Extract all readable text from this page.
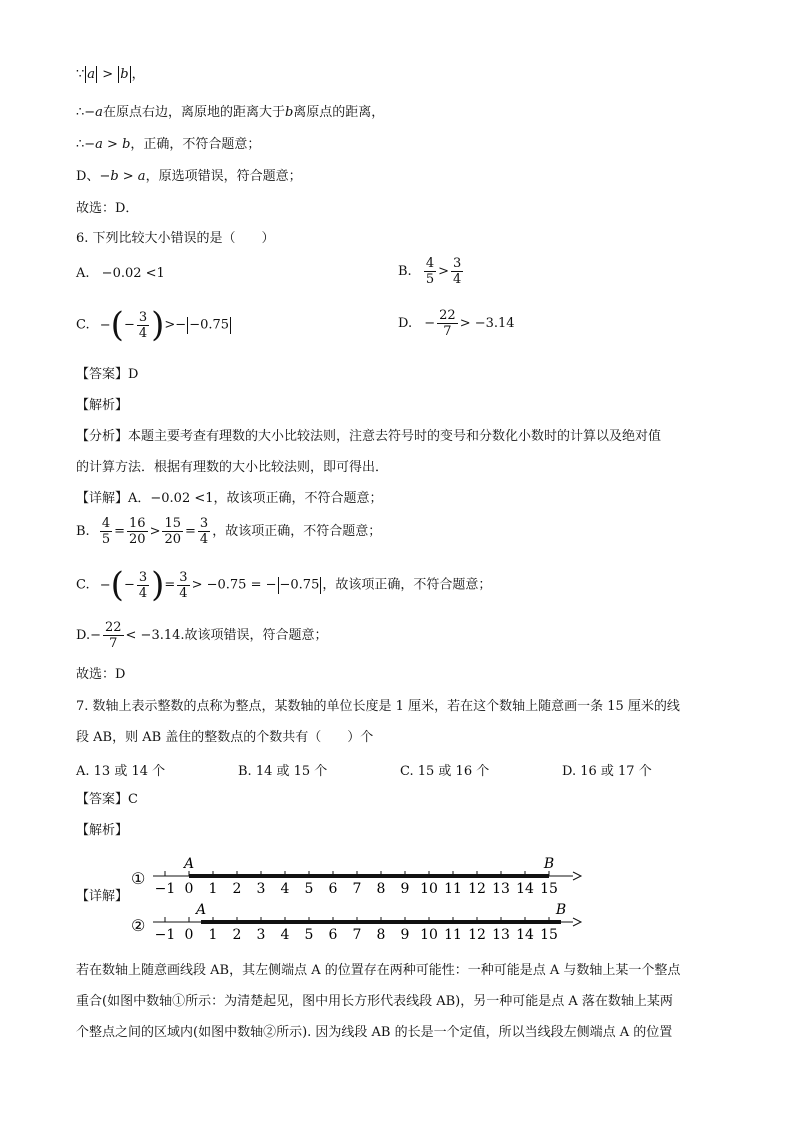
∵ a > b ，
∴−a在原点右边，离原地的距离大于b离原点的距离，
∴−a > b，正确，不符合题意；
D、−b > a，原选项错误，符合题意；
故选：D．
6. 下列比较大小错误的是（　　）
A. −0.02 <1	B. $\frac{4}{5} > \frac{3}{4}$
C. −(− $\frac{3}{4}$ )>− −0.75	D. − $\frac{22}{7} > -3.14$
【答案】D
【解析】
【分析】本题主要考查有理数的大小比较法则，注意去符号时的变号和分数化小数时的计算以及绝对值
的计算方法．根据有理数的大小比较法则，即可得出．
【详解】A．−0.02 <1，故该项正确，不符合题意；
B. $\frac{4}{5} = \frac{16}{20} > \frac{15}{20} = \frac{3}{4}$ ，故该项正确，不符合题意；
C. −(− $\frac{3}{4}$ )= $\frac{3}{4} > -0.75$ = − −0.75 ，故该项正确，不符合题意；
$D.- \frac{22}{7} < -3.14$.故该项错误，符合题意；
故选：D
7. 数轴上表示整数的点称为整点，某数轴的单位长度是 1 厘米，若在这个数轴上随意画一条 15 厘米的线
段 AB，则 AB 盖住的整数点的个数共有（　　）个
A. 13 或 14 个	B. 14 或 15 个	C. 15 或 16 个	D. 16 或 17 个
【答案】C
【解析】
【详解】
①
②
−1 0 1 2 3 4 5 6 7 8 9 10 11 12 13 14 15
A	B
−1 0 1 2 3 4 5 6 7 8 9 10 11 12 13 14 15
A	B
若在数轴上随意画线段 AB，其左侧端点 A 的位置存在两种可能性：一种可能是点 A 与数轴上某一个整点
重合(如图中数轴①所示：为清楚起见，图中用长方形代表线段 AB)，另一种可能是点 A 落在数轴上某两
个整点之间的区域内(如图中数轴②所示). 因为线段 AB 的长是一个定值，所以当线段左侧端点 A 的位置
